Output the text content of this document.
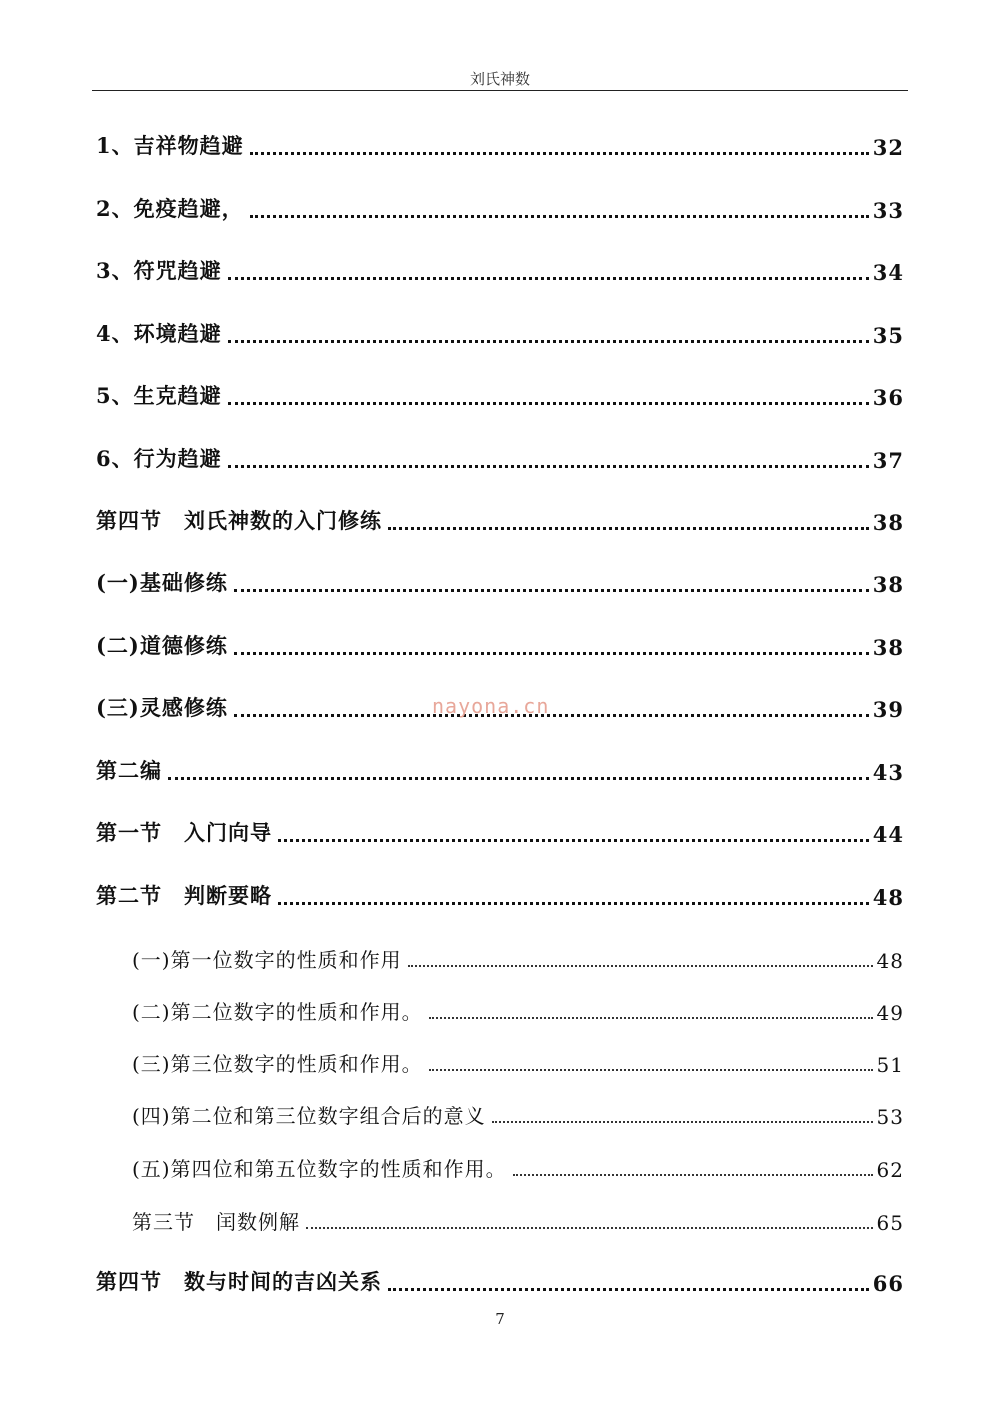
刘氏神数
1、吉祥物趋避	32
2、免疫趋避，	33
3、符咒趋避	34
4、环境趋避	35
5、生克趋避	36
6、行为趋避	37
第四节　刘氏神数的入门修练	38
(一)基础修练	38
(二)道德修练	38
(三)灵感修练	39
第二编	43
第一节　入门向导	44
第二节　判断要略	48
(一)第一位数字的性质和作用	48
(二)第二位数字的性质和作用。	49
(三)第三位数字的性质和作用。	51
(四)第二位和第三位数字组合后的意义	53
(五)第四位和第五位数字的性质和作用。	62
第三节　闰数例解	65
第四节　数与时间的吉凶关系	66
nayona.cn
7
